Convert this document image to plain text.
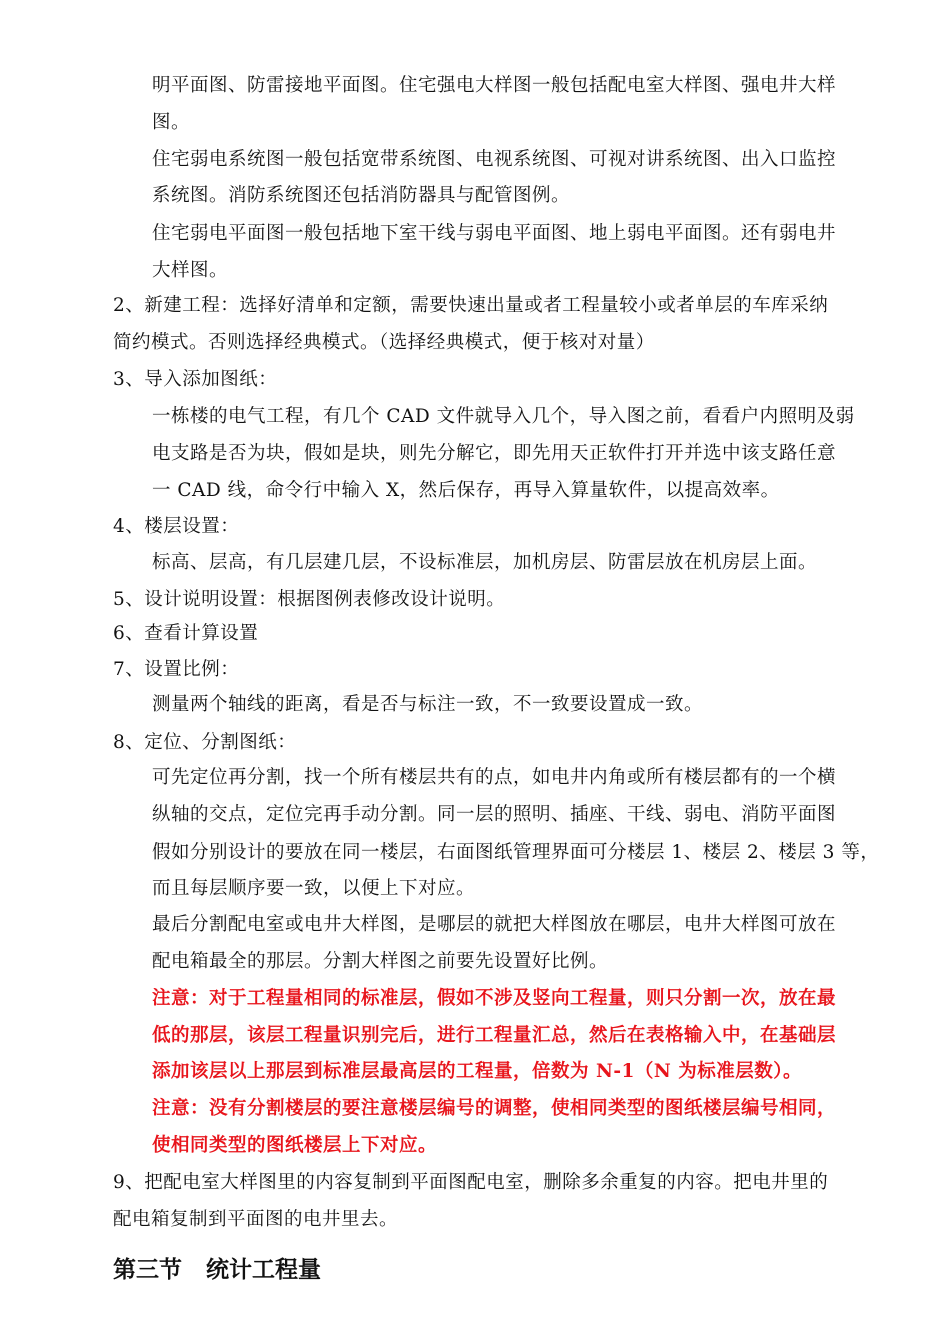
明平面图、防雷接地平面图。住宅强电大样图一般包括配电室大样图、强电井大样

图。

住宅弱电系统图一般包括宽带系统图、电视系统图、可视对讲系统图、出入口监控

系统图。消防系统图还包括消防器具与配管图例。

住宅弱电平面图一般包括地下室干线与弱电平面图、地上弱电平面图。还有弱电井

大样图。

2、新建工程：选择好清单和定额，需要快速出量或者工程量较小或者单层的车库采纳

简约模式。否则选择经典模式。（选择经典模式，便于核对对量）

3、导入添加图纸：

一栋楼的电气工程，有几个 CAD 文件就导入几个，导入图之前，看看户内照明及弱

电支路是否为块，假如是块，则先分解它，即先用天正软件打开并选中该支路任意

一 CAD 线，命令行中输入 X，然后保存，再导入算量软件，以提高效率。

4、楼层设置：

标高、层高，有几层建几层，不设标准层，加机房层、防雷层放在机房层上面。

5、设计说明设置：根据图例表修改设计说明。

6、查看计算设置

7、设置比例：

测量两个轴线的距离，看是否与标注一致，不一致要设置成一致。

8、定位、分割图纸：

可先定位再分割，找一个所有楼层共有的点，如电井内角或所有楼层都有的一个横

纵轴的交点，定位完再手动分割。同一层的照明、插座、干线、弱电、消防平面图

假如分别设计的要放在同一楼层，右面图纸管理界面可分楼层 1、楼层 2、楼层 3 等，

而且每层顺序要一致，以便上下对应。

最后分割配电室或电井大样图，是哪层的就把大样图放在哪层，电井大样图可放在

配电箱最全的那层。分割大样图之前要先设置好比例。

注意：对于工程量相同的标准层，假如不涉及竖向工程量，则只分割一次，放在最

低的那层，该层工程量识别完后，进行工程量汇总，然后在表格输入中，在基础层

添加该层以上那层到标准层最高层的工程量，倍数为 N-1（N 为标准层数）。

注意：没有分割楼层的要注意楼层编号的调整，使相同类型的图纸楼层编号相同，

使相同类型的图纸楼层上下对应。

9、把配电室大样图里的内容复制到平面图配电室，删除多余重复的内容。把电井里的

配电箱复制到平面图的电井里去。

第三节 统计工程量
